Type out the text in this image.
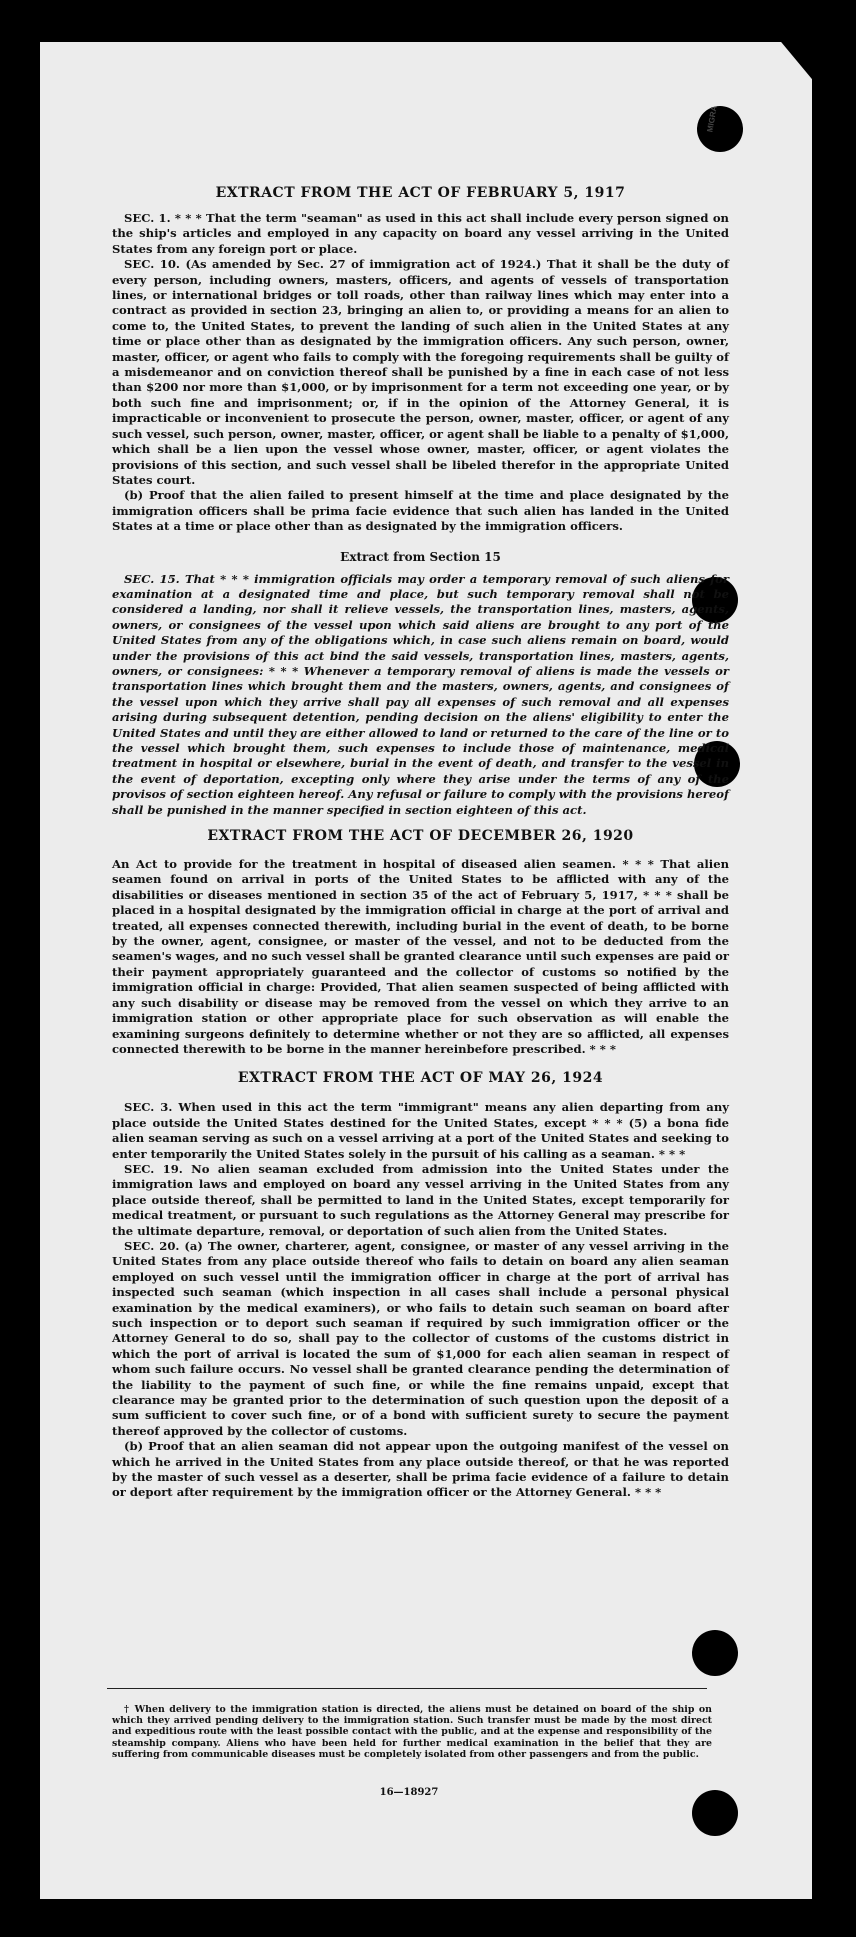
MIGRA
EXTRACT FROM THE ACT OF FEBRUARY 5, 1917

SEC. 1. * * * That the term "seaman" as used in this act shall include every person signed on the ship's articles and employed in any capacity on board any vessel arriving in the United States from any foreign port or place.

SEC. 10. (As amended by Sec. 27 of immigration act of 1924.) That it shall be the duty of every person, including owners, masters, officers, and agents of vessels of transportation lines, or international bridges or toll roads, other than railway lines which may enter into a contract as provided in section 23, bringing an alien to, or providing a means for an alien to come to, the United States, to prevent the landing of such alien in the United States at any time or place other than as designated by the immigration officers. Any such person, owner, master, officer, or agent who fails to comply with the foregoing requirements shall be guilty of a misdemeanor and on conviction thereof shall be punished by a fine in each case of not less than $200 nor more than $1,000, or by imprisonment for a term not exceeding one year, or by both such fine and imprisonment; or, if in the opinion of the Attorney General, it is impracticable or inconvenient to prosecute the person, owner, master, officer, or agent of any such vessel, such person, owner, master, officer, or agent shall be liable to a penalty of $1,000, which shall be a lien upon the vessel whose owner, master, officer, or agent violates the provisions of this section, and such vessel shall be libeled therefor in the appropriate United States court.

(b) Proof that the alien failed to present himself at the time and place designated by the immigration officers shall be prima facie evidence that such alien has landed in the United States at a time or place other than as designated by the immigration officers.

Extract from Section 15

SEC. 15. That * * * immigration officials may order a temporary removal of such aliens for examination at a designated time and place, but such temporary removal shall not be considered a landing, nor shall it relieve vessels, the transportation lines, masters, agents, owners, or consignees of the vessel upon which said aliens are brought to any port of the United States from any of the obligations which, in case such aliens remain on board, would under the provisions of this act bind the said vessels, transportation lines, masters, agents, owners, or consignees: * * * Whenever a temporary removal of aliens is made the vessels or transportation lines which brought them and the masters, owners, agents, and consignees of the vessel upon which they arrive shall pay all expenses of such removal and all expenses arising during subsequent detention, pending decision on the aliens' eligibility to enter the United States and until they are either allowed to land or returned to the care of the line or to the vessel which brought them, such expenses to include those of maintenance, medical treatment in hospital or elsewhere, burial in the event of death, and transfer to the vessel in the event of deportation, excepting only where they arise under the terms of any of the provisos of section eighteen hereof. Any refusal or failure to comply with the provisions hereof shall be punished in the manner specified in section eighteen of this act.

EXTRACT FROM THE ACT OF DECEMBER 26, 1920

An Act to provide for the treatment in hospital of diseased alien seamen. * * * That alien seamen found on arrival in ports of the United States to be afflicted with any of the disabilities or diseases mentioned in section 35 of the act of February 5, 1917, * * * shall be placed in a hospital designated by the immigration official in charge at the port of arrival and treated, all expenses connected therewith, including burial in the event of death, to be borne by the owner, agent, consignee, or master of the vessel, and not to be deducted from the seamen's wages, and no such vessel shall be granted clearance until such expenses are paid or their payment appropriately guaranteed and the collector of customs so notified by the immigration official in charge: Provided, That alien seamen suspected of being afflicted with any such disability or disease may be removed from the vessel on which they arrive to an immigration station or other appropriate place for such observation as will enable the examining surgeons definitely to determine whether or not they are so afflicted, all expenses connected therewith to be borne in the manner hereinbefore prescribed. * * *

EXTRACT FROM THE ACT OF MAY 26, 1924

SEC. 3. When used in this act the term "immigrant" means any alien departing from any place outside the United States destined for the United States, except * * * (5) a bona fide alien seaman serving as such on a vessel arriving at a port of the United States and seeking to enter temporarily the United States solely in the pursuit of his calling as a seaman. * * *

SEC. 19. No alien seaman excluded from admission into the United States under the immigration laws and employed on board any vessel arriving in the United States from any place outside thereof, shall be permitted to land in the United States, except temporarily for medical treatment, or pursuant to such regulations as the Attorney General may prescribe for the ultimate departure, removal, or deportation of such alien from the United States.

SEC. 20. (a) The owner, charterer, agent, consignee, or master of any vessel arriving in the United States from any place outside thereof who fails to detain on board any alien seaman employed on such vessel until the immigration officer in charge at the port of arrival has inspected such seaman (which inspection in all cases shall include a personal physical examination by the medical examiners), or who fails to detain such seaman on board after such inspection or to deport such seaman if required by such immigration officer or the Attorney General to do so, shall pay to the collector of customs of the customs district in which the port of arrival is located the sum of $1,000 for each alien seaman in respect of whom such failure occurs. No vessel shall be granted clearance pending the determination of the liability to the payment of such fine, or while the fine remains unpaid, except that clearance may be granted prior to the determination of such question upon the deposit of a sum sufficient to cover such fine, or of a bond with sufficient surety to secure the payment thereof approved by the collector of customs.

(b) Proof that an alien seaman did not appear upon the outgoing manifest of the vessel on which he arrived in the United States from any place outside thereof, or that he was reported by the master of such vessel as a deserter, shall be prima facie evidence of a failure to detain or deport after requirement by the immigration officer or the Attorney General. * * *

† When delivery to the immigration station is directed, the aliens must be detained on board of the ship on which they arrived pending delivery to the immigration station. Such transfer must be made by the most direct and expeditious route with the least possible contact with the public, and at the expense and responsibility of the steamship company. Aliens who have been held for further medical examination in the belief that they are suffering from communicable diseases must be completely isolated from other passengers and from the public.

16—18927
